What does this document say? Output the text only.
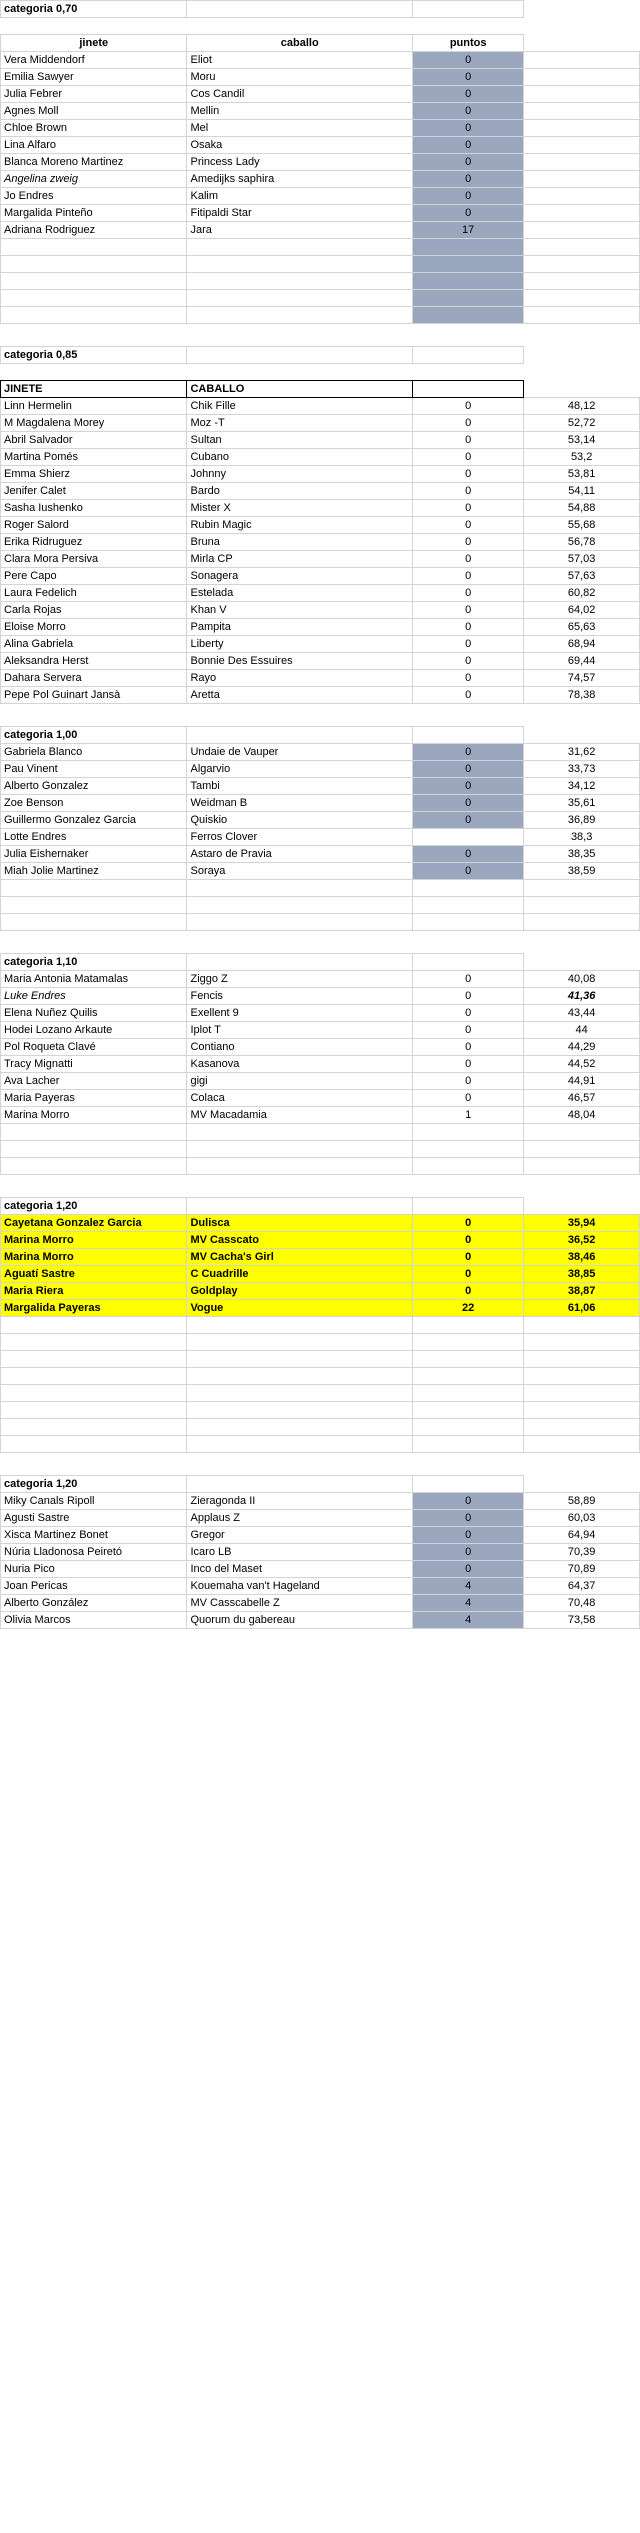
categoria 0,70			

jinete	caballo	puntos	
Vera Middendorf	Eliot	0	
Emilia Sawyer	Moru	0	
Julia Febrer	Cos Candil	0	
Agnes Moll	Mellin	0	
Chloe Brown	Mel	0	
Lina Alfaro	Osaka	0	
Blanca Moreno Martinez	Princess Lady	0	
Angelina zweig	Amedijks saphira	0	
Jo Endres	Kalim	0	
Margalida Pinteño	Fitipaldi Star	0	
Adriana Rodriguez	Jara	17	

categoria 0,85			

JINETE	CABALLO		
Linn Hermelin	Chik Fille	0	48,12
M Magdalena Morey	Moz -T	0	52,72
Abril Salvador	Sultan	0	53,14
Martina Pomés	Cubano	0	53,2
Emma Shierz	Johnny	0	53,81
Jenifer Calet	Bardo	0	54,11
Sasha Iushenko	Mister X	0	54,88
Roger Salord	Rubin Magic	0	55,68
Erika Ridruguez	Bruna	0	56,78
Clara Mora Persiva	Mirla CP	0	57,03
Pere Capo	Sonagera	0	57,63
Laura Fedelich	Estelada	0	60,82
Carla Rojas	Khan V	0	64,02
Eloise Morro	Pampita	0	65,63
Alina Gabriela	Liberty	0	68,94
Aleksandra Herst	Bonnie Des Essuires	0	69,44
Dahara Servera	Rayo	0	74,57
Pepe Pol Guinart Jansà	Aretta	0	78,38
categoria 1,00			
Gabriela Blanco	Undaie de Vauper	0	31,62
Pau Vinent	Algarvio	0	33,73
Alberto Gonzalez	Tambi	0	34,12
Zoe Benson	Weidman B	0	35,61
Guillermo Gonzalez Garcia	Quiskio	0	36,89
Lotte Endres	Ferros Clover		38,3
Julia Eishernaker	Astaro de Pravia	0	38,35
Miah Jolie Martinez	Soraya	0	38,59

categoria 1,10			
Maria Antonia Matamalas	Ziggo Z	0	40,08
Luke Endres	Fencis	0	41,36
Elena Nuñez Quilis	Exellent 9	0	43,44
Hodei Lozano Arkaute	Iplot T	0	44
Pol Roqueta Clavé	Contiano	0	44,29
Tracy Mignatti	Kasanova	0	44,52
Ava Lacher	gigi	0	44,91
Maria Payeras	Colaca	0	46,57
Marina Morro	MV Macadamia	1	48,04

categoria 1,20			
Cayetana Gonzalez Garcia	Dulisca	0	35,94
Marina Morro	MV Casscato	0	36,52
Marina Morro	MV Cacha's Girl	0	38,46
Aguatí Sastre	C Cuadrille	0	38,85
Maria Riera	Goldplay	0	38,87
Margalida Payeras	Vogue	22	61,06

categoria 1,20			
Miky Canals Ripoll	Zieragonda II	0	58,89
Agusti Sastre	Applaus Z	0	60,03
Xisca Martinez Bonet	Gregor	0	64,94
Núria Lladonosa Peiretó	Icaro LB	0	70,39
Nuria Pico	Inco del Maset	0	70,89
Joan Pericas	Kouemaha van't Hageland	4	64,37
Alberto González	MV Casscabelle Z	4	70,48
Olivia Marcos	Quorum du gabereau	4	73,58
